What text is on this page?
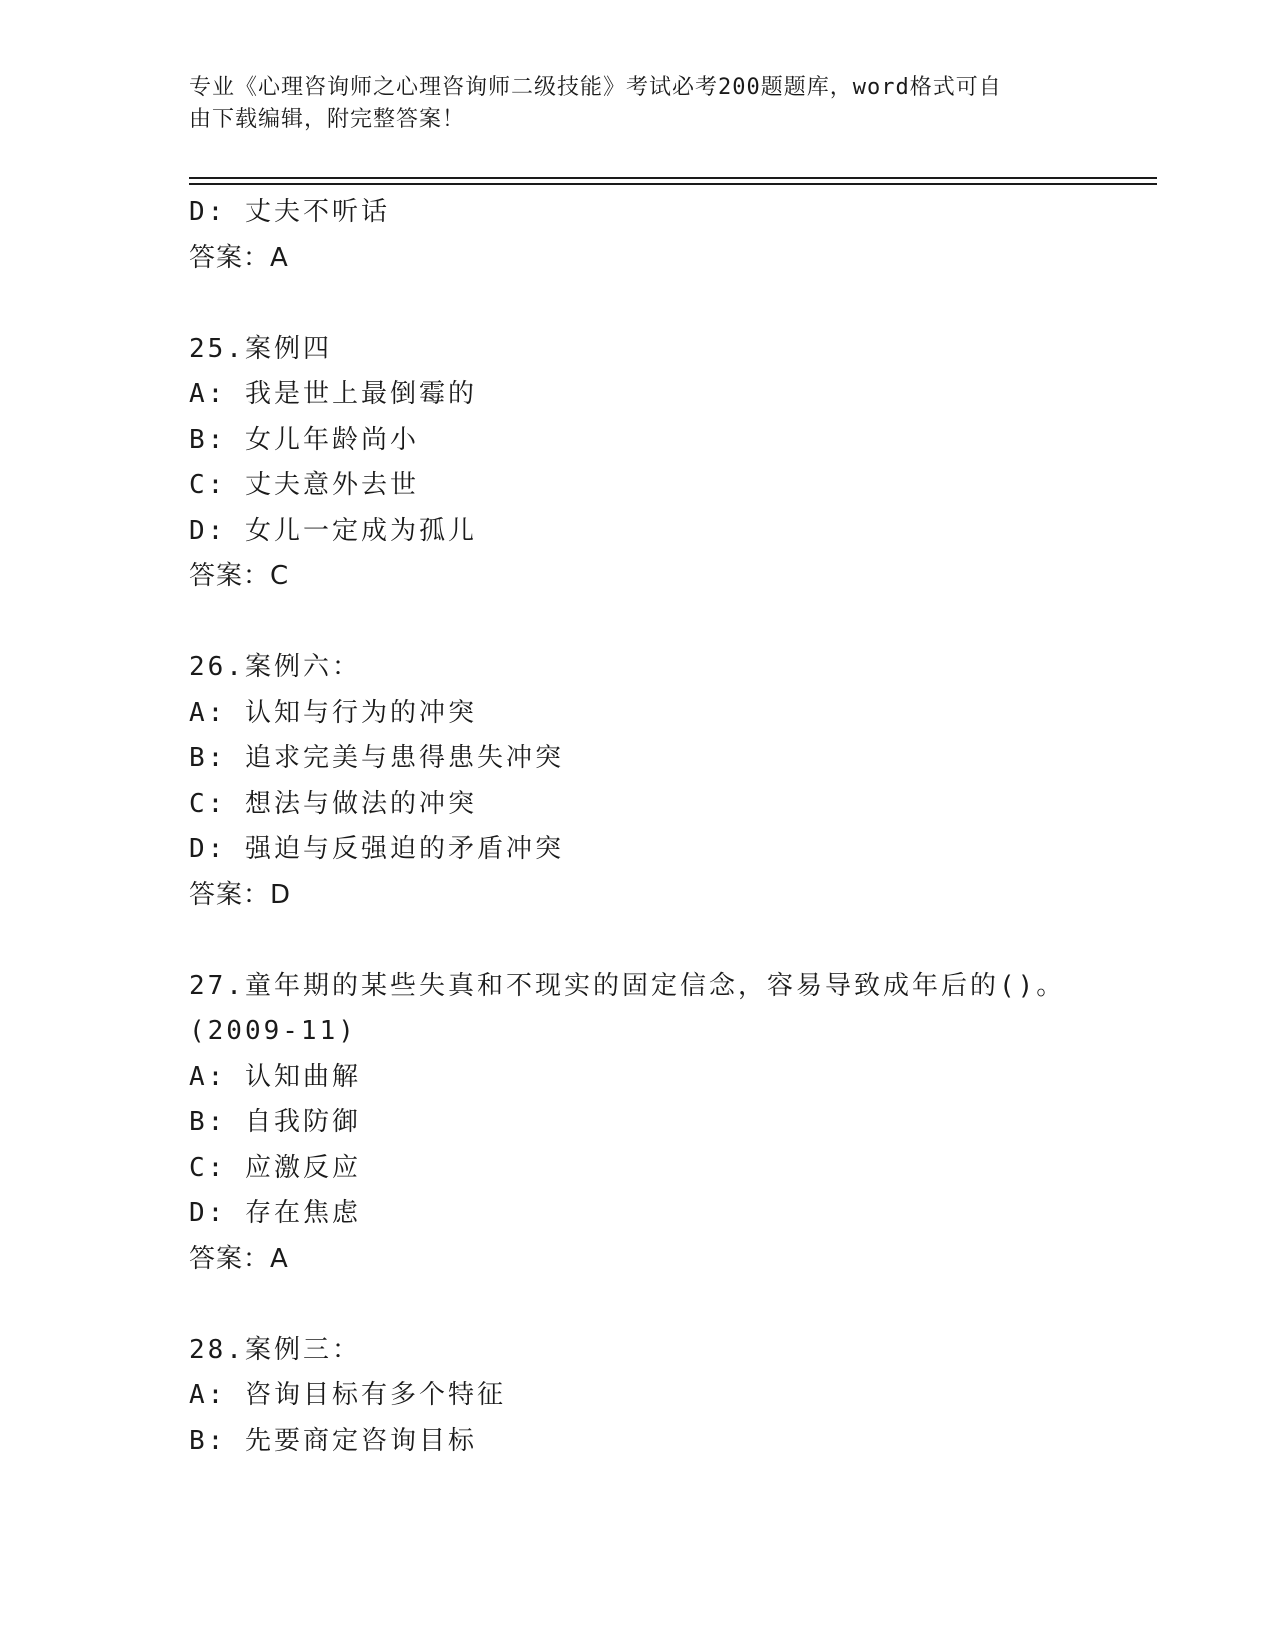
专业《心理咨询师之心理咨询师二级技能》考试必考200题题库，word格式可自
由下载编辑，附完整答案！
D: 丈夫不听话
答案：A
25.案例四
A: 我是世上最倒霉的
B: 女儿年龄尚小
C: 丈夫意外去世
D: 女儿一定成为孤儿
答案：C
26.案例六：
A: 认知与行为的冲突
B: 追求完美与患得患失冲突
C: 想法与做法的冲突
D: 强迫与反强迫的矛盾冲突
答案：D
27.童年期的某些失真和不现实的固定信念，容易导致成年后的()。
(2009-11)
A: 认知曲解
B: 自我防御
C: 应激反应
D: 存在焦虑
答案：A
28.案例三：
A: 咨询目标有多个特征
B: 先要商定咨询目标
